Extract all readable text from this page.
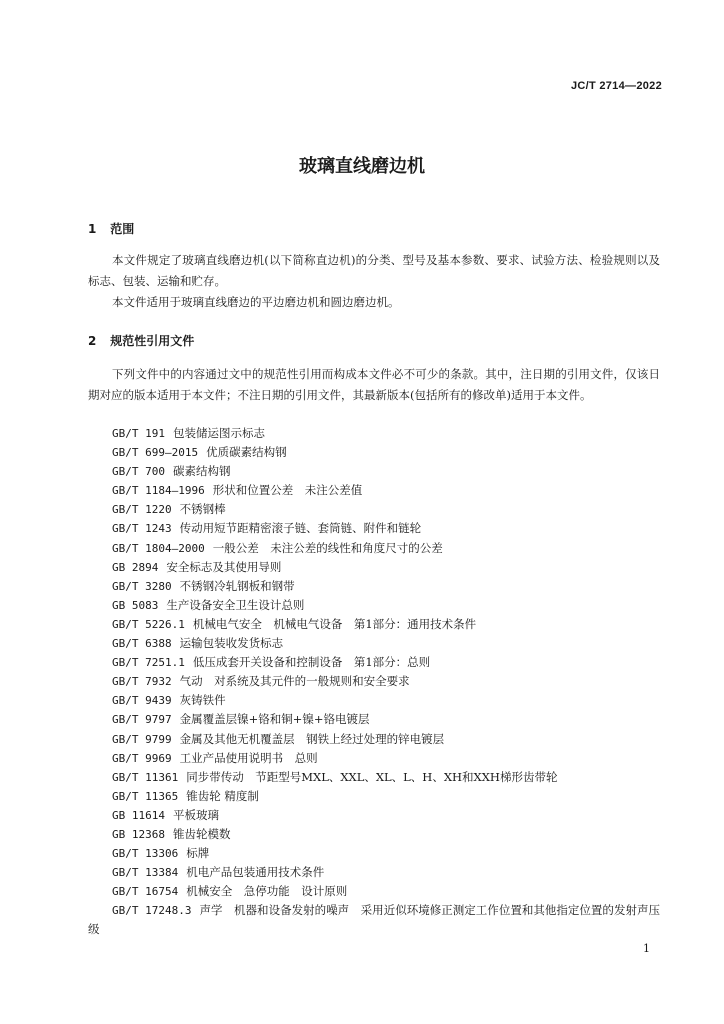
JC/T 2714—2022
玻璃直线磨边机
1 范围
本文件规定了玻璃直线磨边机(以下简称直边机)的分类、型号及基本参数、要求、试验方法、检验规则以及标志、包装、运输和贮存。
本文件适用于玻璃直线磨边的平边磨边机和圆边磨边机。
2 规范性引用文件
下列文件中的内容通过文中的规范性引用而构成本文件必不可少的条款。其中，注日期的引用文件，仅该日期对应的版本适用于本文件；不注日期的引用文件，其最新版本(包括所有的修改单)适用于本文件。
GB/T 191 包装储运图示标志
GB/T 699—2015 优质碳素结构钢
GB/T 700 碳素结构钢
GB/T 1184—1996 形状和位置公差　未注公差值
GB/T 1220 不锈钢棒
GB/T 1243 传动用短节距精密滚子链、套筒链、附件和链轮
GB/T 1804—2000 一般公差　未注公差的线性和角度尺寸的公差
GB 2894 安全标志及其使用导则
GB/T 3280 不锈钢冷轧钢板和钢带
GB 5083 生产设备安全卫生设计总则
GB/T 5226.1 机械电气安全　机械电气设备　第1部分：通用技术条件
GB/T 6388 运输包装收发货标志
GB/T 7251.1 低压成套开关设备和控制设备　第1部分：总则
GB/T 7932 气动　对系统及其元件的一般规则和安全要求
GB/T 9439 灰铸铁件
GB/T 9797 金属覆盖层镍+铬和铜+镍+铬电镀层
GB/T 9799 金属及其他无机覆盖层　钢铁上经过处理的锌电镀层
GB/T 9969 工业产品使用说明书　总则
GB/T 11361 同步带传动　节距型号MXL、XXL、XL、L、H、XH和XXH梯形齿带轮
GB/T 11365 锥齿轮 精度制
GB 11614 平板玻璃
GB 12368 锥齿轮模数
GB/T 13306 标牌
GB/T 13384 机电产品包装通用技术条件
GB/T 16754 机械安全　急停功能　设计原则
GB/T 17248.3 声学　机器和设备发射的噪声　采用近似环境修正测定工作位置和其他指定位置的发射声压级
1
